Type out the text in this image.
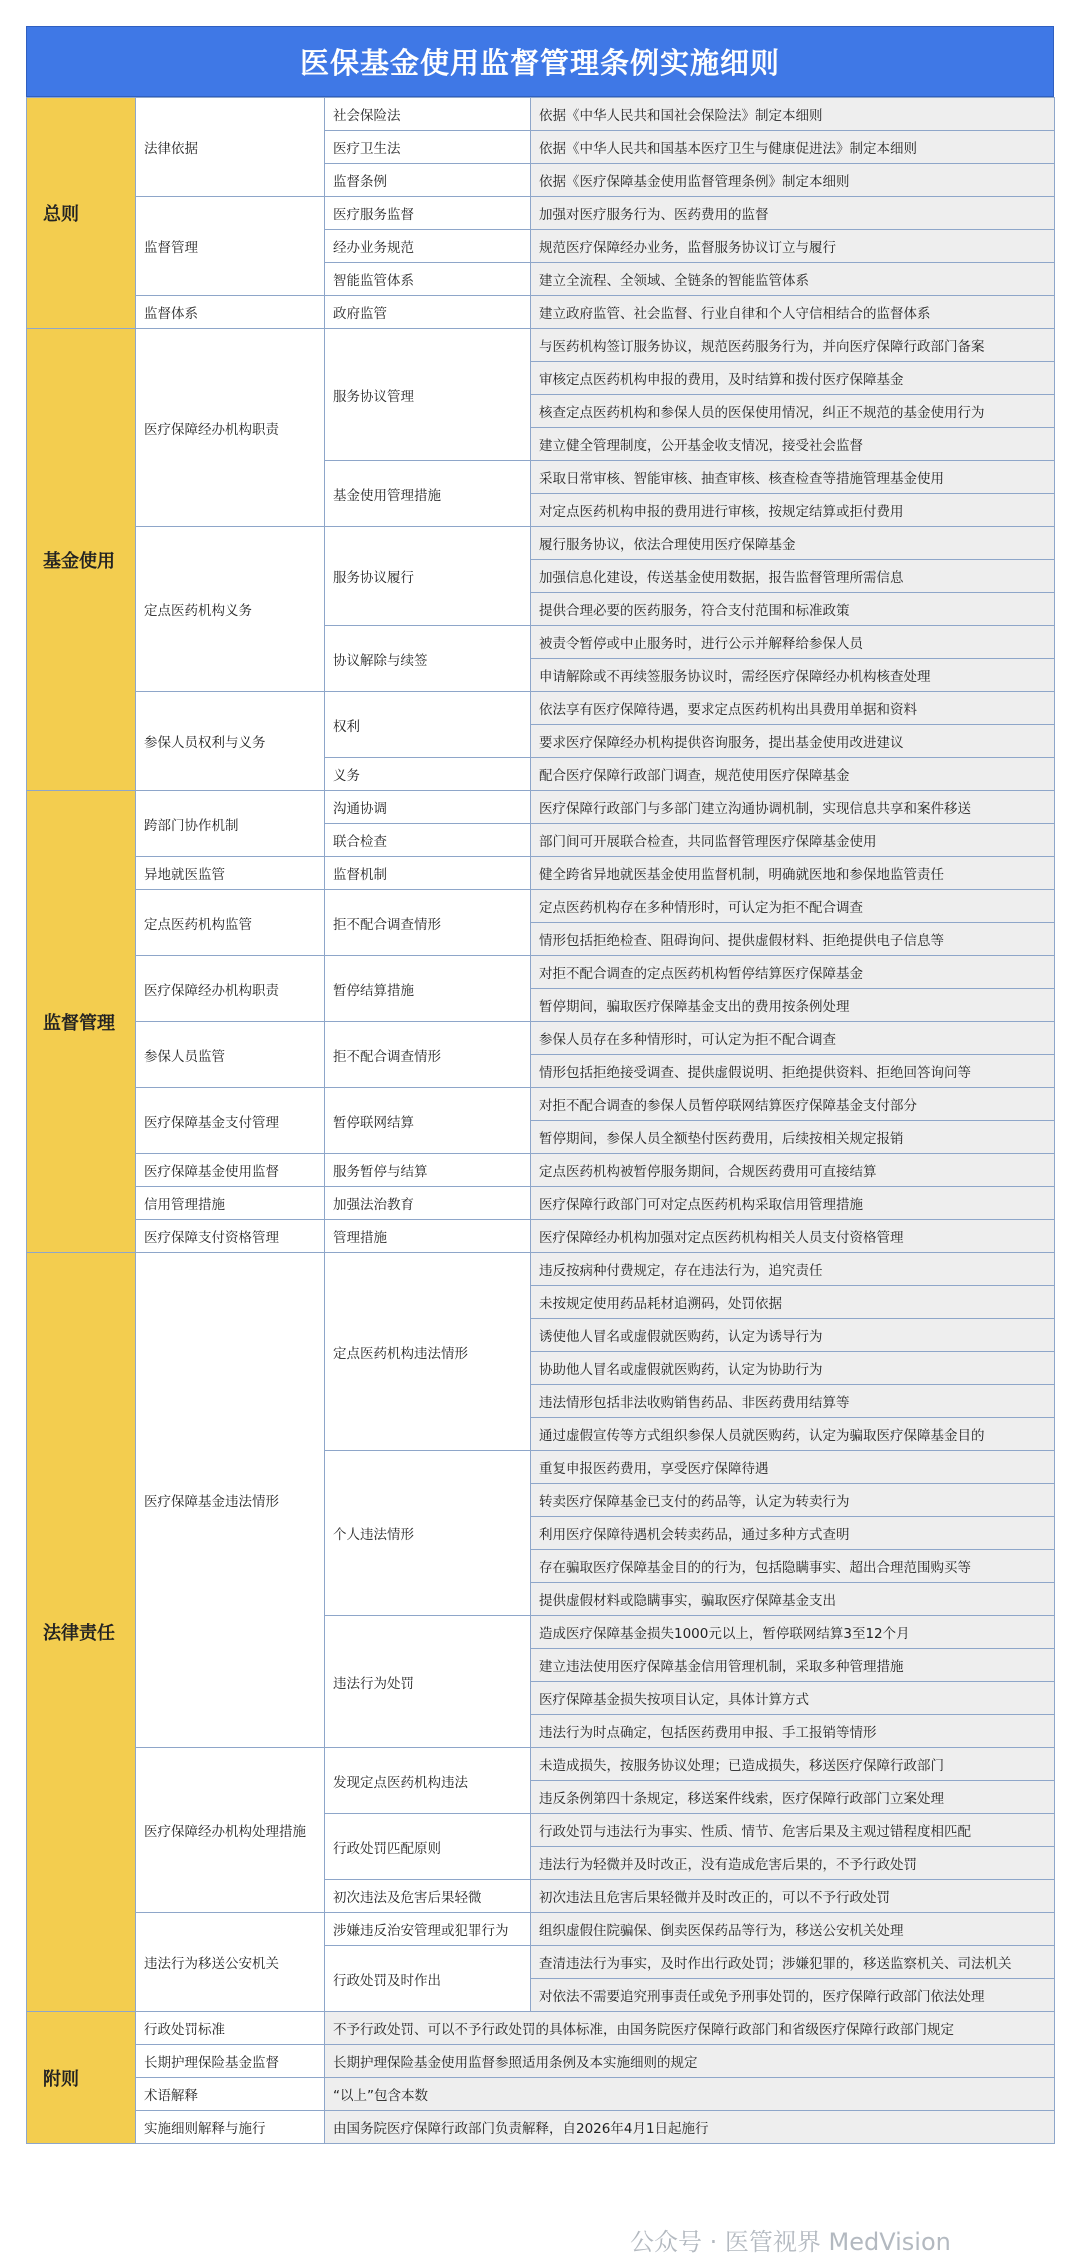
医保基金使用监督管理条例实施细则
总则	法律依据	社会保险法	依据《中华人民共和国社会保险法》制定本细则
		医疗卫生法	依据《中华人民共和国基本医疗卫生与健康促进法》制定本细则
		监督条例	依据《医疗保障基金使用监督管理条例》制定本细则
	监督管理	医疗服务监督	加强对医疗服务行为、医药费用的监督
		经办业务规范	规范医疗保障经办业务，监督服务协议订立与履行
		智能监管体系	建立全流程、全领域、全链条的智能监管体系
	监督体系	政府监管	建立政府监管、社会监督、行业自律和个人守信相结合的监督体系
基金使用	医疗保障经办机构职责	服务协议管理	与医药机构签订服务协议，规范医药服务行为，并向医疗保障行政部门备案
			审核定点医药机构申报的费用，及时结算和拨付医疗保障基金
			核查定点医药机构和参保人员的医保使用情况，纠正不规范的基金使用行为
			建立健全管理制度，公开基金收支情况，接受社会监督
		基金使用管理措施	采取日常审核、智能审核、抽查审核、核查检查等措施管理基金使用
			对定点医药机构申报的费用进行审核，按规定结算或拒付费用
	定点医药机构义务	服务协议履行	履行服务协议，依法合理使用医疗保障基金
			加强信息化建设，传送基金使用数据，报告监督管理所需信息
			提供合理必要的医药服务，符合支付范围和标准政策
		协议解除与续签	被责令暂停或中止服务时，进行公示并解释给参保人员
			申请解除或不再续签服务协议时，需经医疗保障经办机构核查处理
	参保人员权利与义务	权利	依法享有医疗保障待遇，要求定点医药机构出具费用单据和资料
			要求医疗保障经办机构提供咨询服务，提出基金使用改进建议
		义务	配合医疗保障行政部门调查，规范使用医疗保障基金
监督管理	跨部门协作机制	沟通协调	医疗保障行政部门与多部门建立沟通协调机制，实现信息共享和案件移送
		联合检查	部门间可开展联合检查，共同监督管理医疗保障基金使用
	异地就医监管	监督机制	健全跨省异地就医基金使用监督机制，明确就医地和参保地监管责任
	定点医药机构监管	拒不配合调查情形	定点医药机构存在多种情形时，可认定为拒不配合调查
			情形包括拒绝检查、阻碍询问、提供虚假材料、拒绝提供电子信息等
	医疗保障经办机构职责	暂停结算措施	对拒不配合调查的定点医药机构暂停结算医疗保障基金
			暂停期间，骗取医疗保障基金支出的费用按条例处理
	参保人员监管	拒不配合调查情形	参保人员存在多种情形时，可认定为拒不配合调查
			情形包括拒绝接受调查、提供虚假说明、拒绝提供资料、拒绝回答询问等
	医疗保障基金支付管理	暂停联网结算	对拒不配合调查的参保人员暂停联网结算医疗保障基金支付部分
			暂停期间，参保人员全额垫付医药费用，后续按相关规定报销
	医疗保障基金使用监督	服务暂停与结算	定点医药机构被暂停服务期间，合规医药费用可直接结算
	信用管理措施	加强法治教育	医疗保障行政部门可对定点医药机构采取信用管理措施
	医疗保障支付资格管理	管理措施	医疗保障经办机构加强对定点医药机构相关人员支付资格管理
法律责任	医疗保障基金违法情形	定点医药机构违法情形	违反按病种付费规定，存在违法行为，追究责任
			未按规定使用药品耗材追溯码，处罚依据
			诱使他人冒名或虚假就医购药，认定为诱导行为
			协助他人冒名或虚假就医购药，认定为协助行为
			违法情形包括非法收购销售药品、非医药费用结算等
			通过虚假宣传等方式组织参保人员就医购药，认定为骗取医疗保障基金目的
		个人违法情形	重复申报医药费用，享受医疗保障待遇
			转卖医疗保障基金已支付的药品等，认定为转卖行为
			利用医疗保障待遇机会转卖药品，通过多种方式查明
			存在骗取医疗保障基金目的的行为，包括隐瞒事实、超出合理范围购买等
			提供虚假材料或隐瞒事实，骗取医疗保障基金支出
		违法行为处罚	造成医疗保障基金损失1000元以上，暂停联网结算3至12个月
			建立违法使用医疗保障基金信用管理机制，采取多种管理措施
			医疗保障基金损失按项目认定，具体计算方式
			违法行为时点确定，包括医药费用申报、手工报销等情形
	医疗保障经办机构处理措施	发现定点医药机构违法	未造成损失，按服务协议处理；已造成损失，移送医疗保障行政部门
			违反条例第四十条规定，移送案件线索，医疗保障行政部门立案处理
		行政处罚匹配原则	行政处罚与违法行为事实、性质、情节、危害后果及主观过错程度相匹配
			违法行为轻微并及时改正，没有造成危害后果的，不予行政处罚
		初次违法及危害后果轻微	初次违法且危害后果轻微并及时改正的，可以不予行政处罚
	违法行为移送公安机关	涉嫌违反治安管理或犯罪行为	组织虚假住院骗保、倒卖医保药品等行为，移送公安机关处理
		行政处罚及时作出	查清违法行为事实，及时作出行政处罚；涉嫌犯罪的，移送监察机关、司法机关
			对依法不需要追究刑事责任或免予刑事处罚的，医疗保障行政部门依法处理
附则	行政处罚标准	不予行政处罚、可以不予行政处罚的具体标准，由国务院医疗保障行政部门和省级医疗保障行政部门规定	
	长期护理保险基金监督	长期护理保险基金使用监督参照适用条例及本实施细则的规定	
	术语解释	“以上”包含本数	
	实施细则解释与施行	由国务院医疗保障行政部门负责解释，自2026年4月1日起施行	
公众号 · 医管视界 MedVision
